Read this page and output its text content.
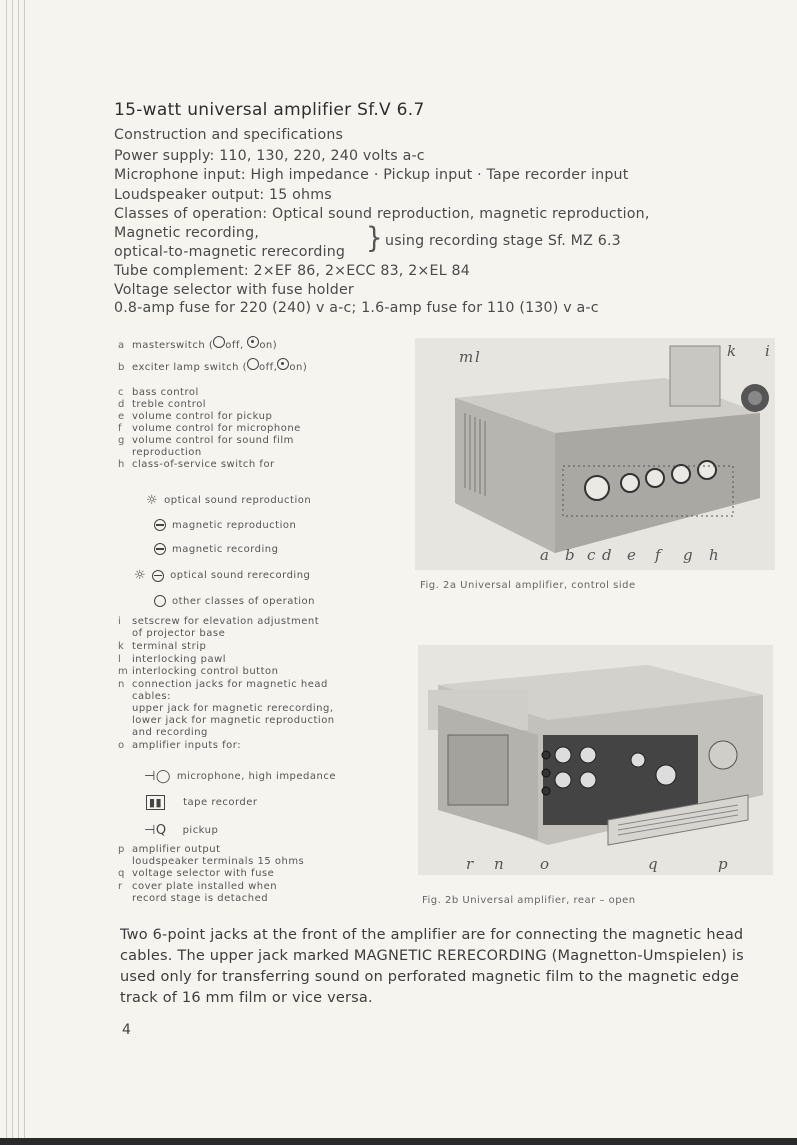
15-watt universal amplifier Sf.V 6.7
Construction and specifications
Power supply: 110, 130, 220, 240 volts a-c
Microphone input: High impedance · Pickup input · Tape recorder input
Loudspeaker output: 15 ohms
Classes of operation: Optical sound reproduction, magnetic reproduction,
Magnetic recording,	} using recording stage Sf. MZ 6.3
optical-to-magnetic rerecording
Tube complement: 2×EF 86, 2×ECC 83, 2×EL 84
Voltage selector with fuse holder
0.8-amp fuse for 220 (240) v a-c; 1.6-amp fuse for 110 (130) v a-c
a masterswitch ( off, on)
b exciter lamp switch ( off, on)
c bass control
d treble control
e volume control for pickup
f volume control for microphone
g volume control for sound film
reproduction
h class-of-service switch for
☼ optical sound reproduction
magnetic reproduction
magnetic recording
☼ optical sound rerecording
other classes of operation
i setscrew for elevation adjustment
of projector base
k terminal strip
l interlocking pawl
m interlocking control button
n connection jacks for magnetic head
cables:
upper jack for magnetic rerecording,
lower jack for magnetic reproduction
and recording
o amplifier inputs for:
⊣◯ microphone, high impedance
▮▮	tape recorder
⊣Q pickup
p amplifier output
loudspeaker terminals 15 ohms
q voltage selector with fuse
r cover plate installed when
record stage is detached
m l	k i
a b c d e f g h
Fig. 2a Universal amplifier, control side
r n o	q	p
Fig. 2b Universal amplifier, rear – open
Two 6-point jacks at the front of the amplifier are for connecting the magnetic head cables. The upper jack marked MAGNETIC RERECORDING (Magnetton-Umspielen) is used only for transferring sound on perforated magnetic film to the magnetic edge track of 16 mm film or vice versa.
4
